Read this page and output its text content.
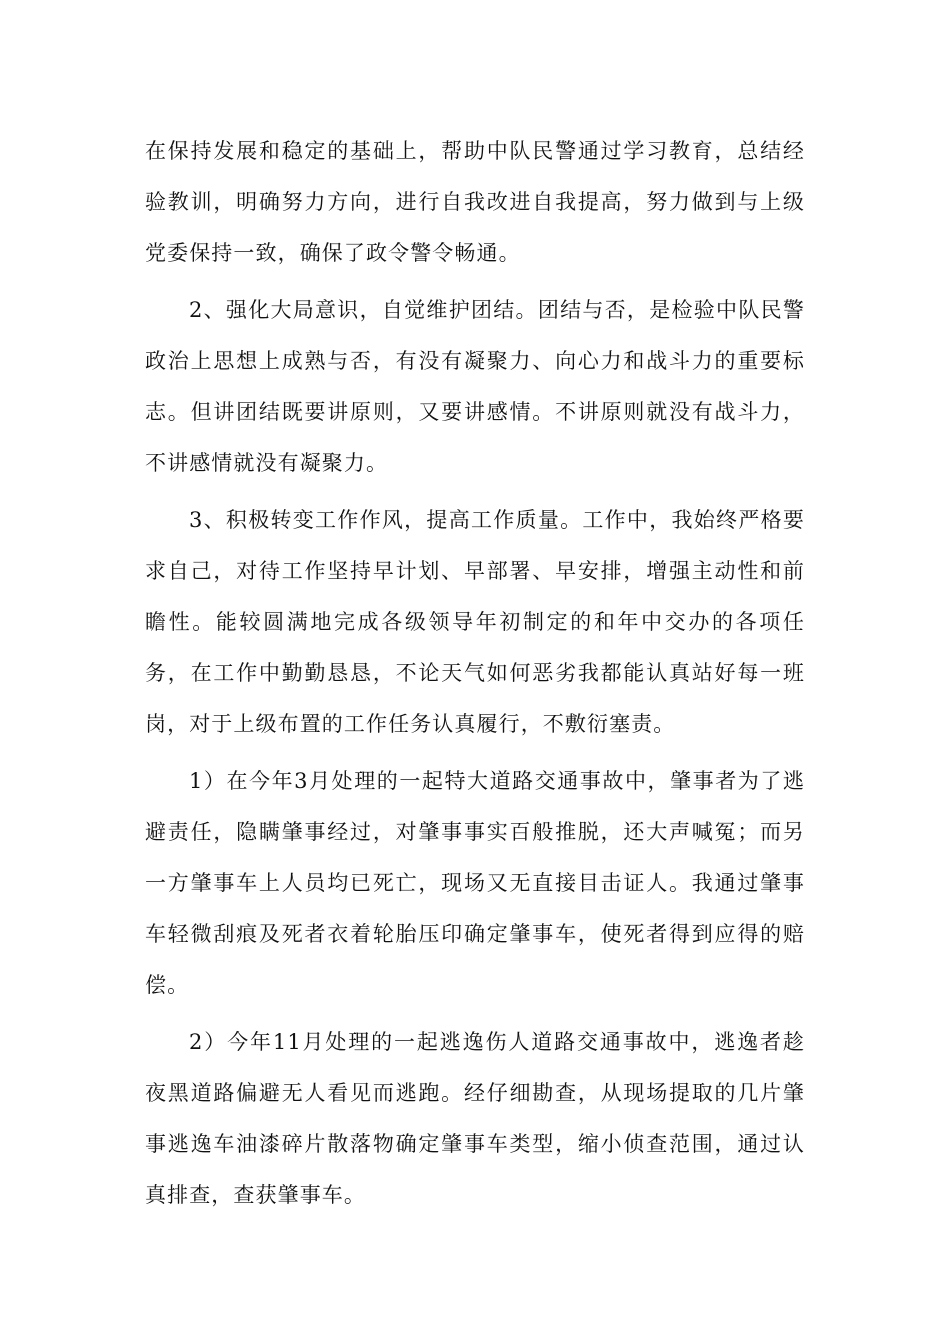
在保持发展和稳定的基础上，帮助中队民警通过学习教育，总结经验教训，明确努力方向，进行自我改进自我提高，努力做到与上级党委保持一致，确保了政令警令畅通。

2、强化大局意识，自觉维护团结。团结与否，是检验中队民警政治上思想上成熟与否，有没有凝聚力、向心力和战斗力的重要标志。但讲团结既要讲原则，又要讲感情。不讲原则就没有战斗力，不讲感情就没有凝聚力。

3、积极转变工作作风，提高工作质量。工作中，我始终严格要求自己，对待工作坚持早计划、早部署、早安排，增强主动性和前瞻性。能较圆满地完成各级领导年初制定的和年中交办的各项任务，在工作中勤勤恳恳，不论天气如何恶劣我都能认真站好每一班岗，对于上级布置的工作任务认真履行，不敷衍塞责。

1）在今年3月处理的一起特大道路交通事故中，肇事者为了逃避责任，隐瞒肇事经过，对肇事事实百般推脱，还大声喊冤；而另一方肇事车上人员均已死亡，现场又无直接目击证人。我通过肇事车轻微刮痕及死者衣着轮胎压印确定肇事车，使死者得到应得的赔偿。

2）今年11月处理的一起逃逸伤人道路交通事故中，逃逸者趁夜黑道路偏避无人看见而逃跑。经仔细勘查，从现场提取的几片肇事逃逸车油漆碎片散落物确定肇事车类型，缩小侦查范围，通过认真排查，查获肇事车。
